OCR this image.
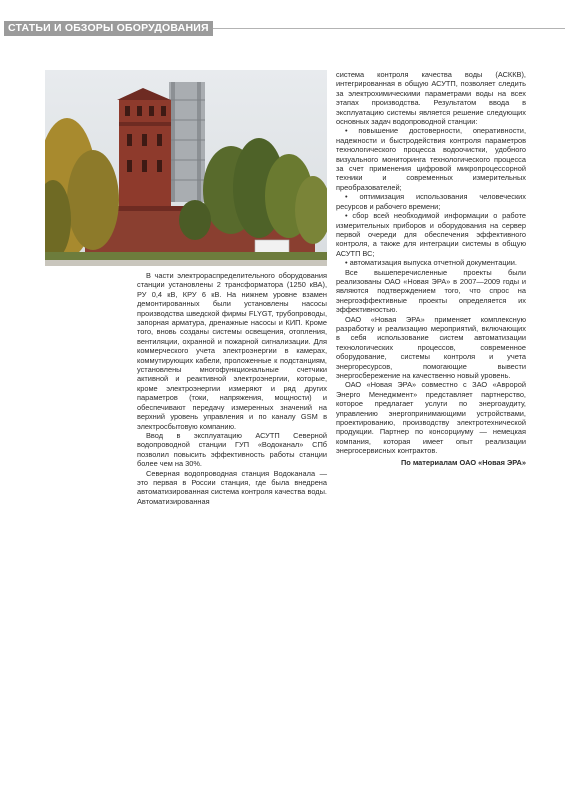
СТАТЬИ И ОБЗОРЫ ОБОРУДОВАНИЯ

В части электрораспределительного оборудования станции установлены 2 трансформатора (1250 кВА), РУ 0,4 кВ, КРУ 6 кВ. На нижнем уровне взамен демонтированных были установлены насосы производства шведской фирмы FLYGT, трубопроводы, запорная арматура, дренажные насосы и КИП. Кроме того, вновь созданы системы освещения, отопления, вентиляции, охранной и пожарной сигнализации. Для коммерческого учета электроэнергии в камерах, коммутирующих кабели, проложенные к подстанциям, установлены многофункциональные счетчики активной и реактивной электроэнергии, которые, кроме электроэнергии измеряют и ряд других параметров (токи, напряжения, мощности) и обеспечивают передачу измеренных значений на верхний уровень управления и по каналу GSM в электросбытовую компанию.

Ввод в эксплуатацию АСУТП Северной водопроводной станции ГУП «Водоканал» СПб позволил повысить эффективность работы станции более чем на 30%.

Северная водопроводная станция Водоканала — это первая в России станция, где была внедрена автоматизированная система контроля качества воды. Автоматизированная

система контроля качества воды (АСККВ), интегрированная в общую АСУТП, позволяет следить за электрохимическими параметрами воды на всех этапах производства. Результатом ввода в эксплуатацию системы является решение следующих основных задач водопроводной станции:

• повышение достоверности, оперативности, надежности и быстродействия контроля параметров технологического процесса водоочистки, удобного визуального мониторинга технологического процесса за счет применения цифровой микропроцессорной техники и современных измерительных преобразователей;

• оптимизация использования человеческих ресурсов и рабочего времени;

• сбор всей необходимой информации о работе измерительных приборов и оборудования на сервер первой очереди для обеспечения эффективного контроля, а также для интеграции системы в общую АСУТП ВС;

• автоматизация выпуска отчетной документации.

Все вышеперечисленные проекты были реализованы ОАО «Новая ЭРА» в 2007—2009 годы и являются подтверждением того, что спрос на энергоэффективные проекты определяется их эффективностью.

ОАО «Новая ЭРА» применяет комплексную разработку и реализацию мероприятий, включающих в себя использование систем автоматизации технологических процессов, современное оборудование, системы контроля и учета энергоресурсов, помогающие вывести энергосбережение на качественно новый уровень.

ОАО «Новая ЭРА» совместно с ЗАО «Авророй Энерго Менеджмент» представляет партнерство, которое предлагает услуги по энергоаудиту, управлению энергопринимающими устройствами, проектированию, производству электротехнической продукции. Партнер по консорциуму — немецкая компания, которая имеет опыт реализации энергосервисных контрактов.

По материалам ОАО «Новая ЭРА»
